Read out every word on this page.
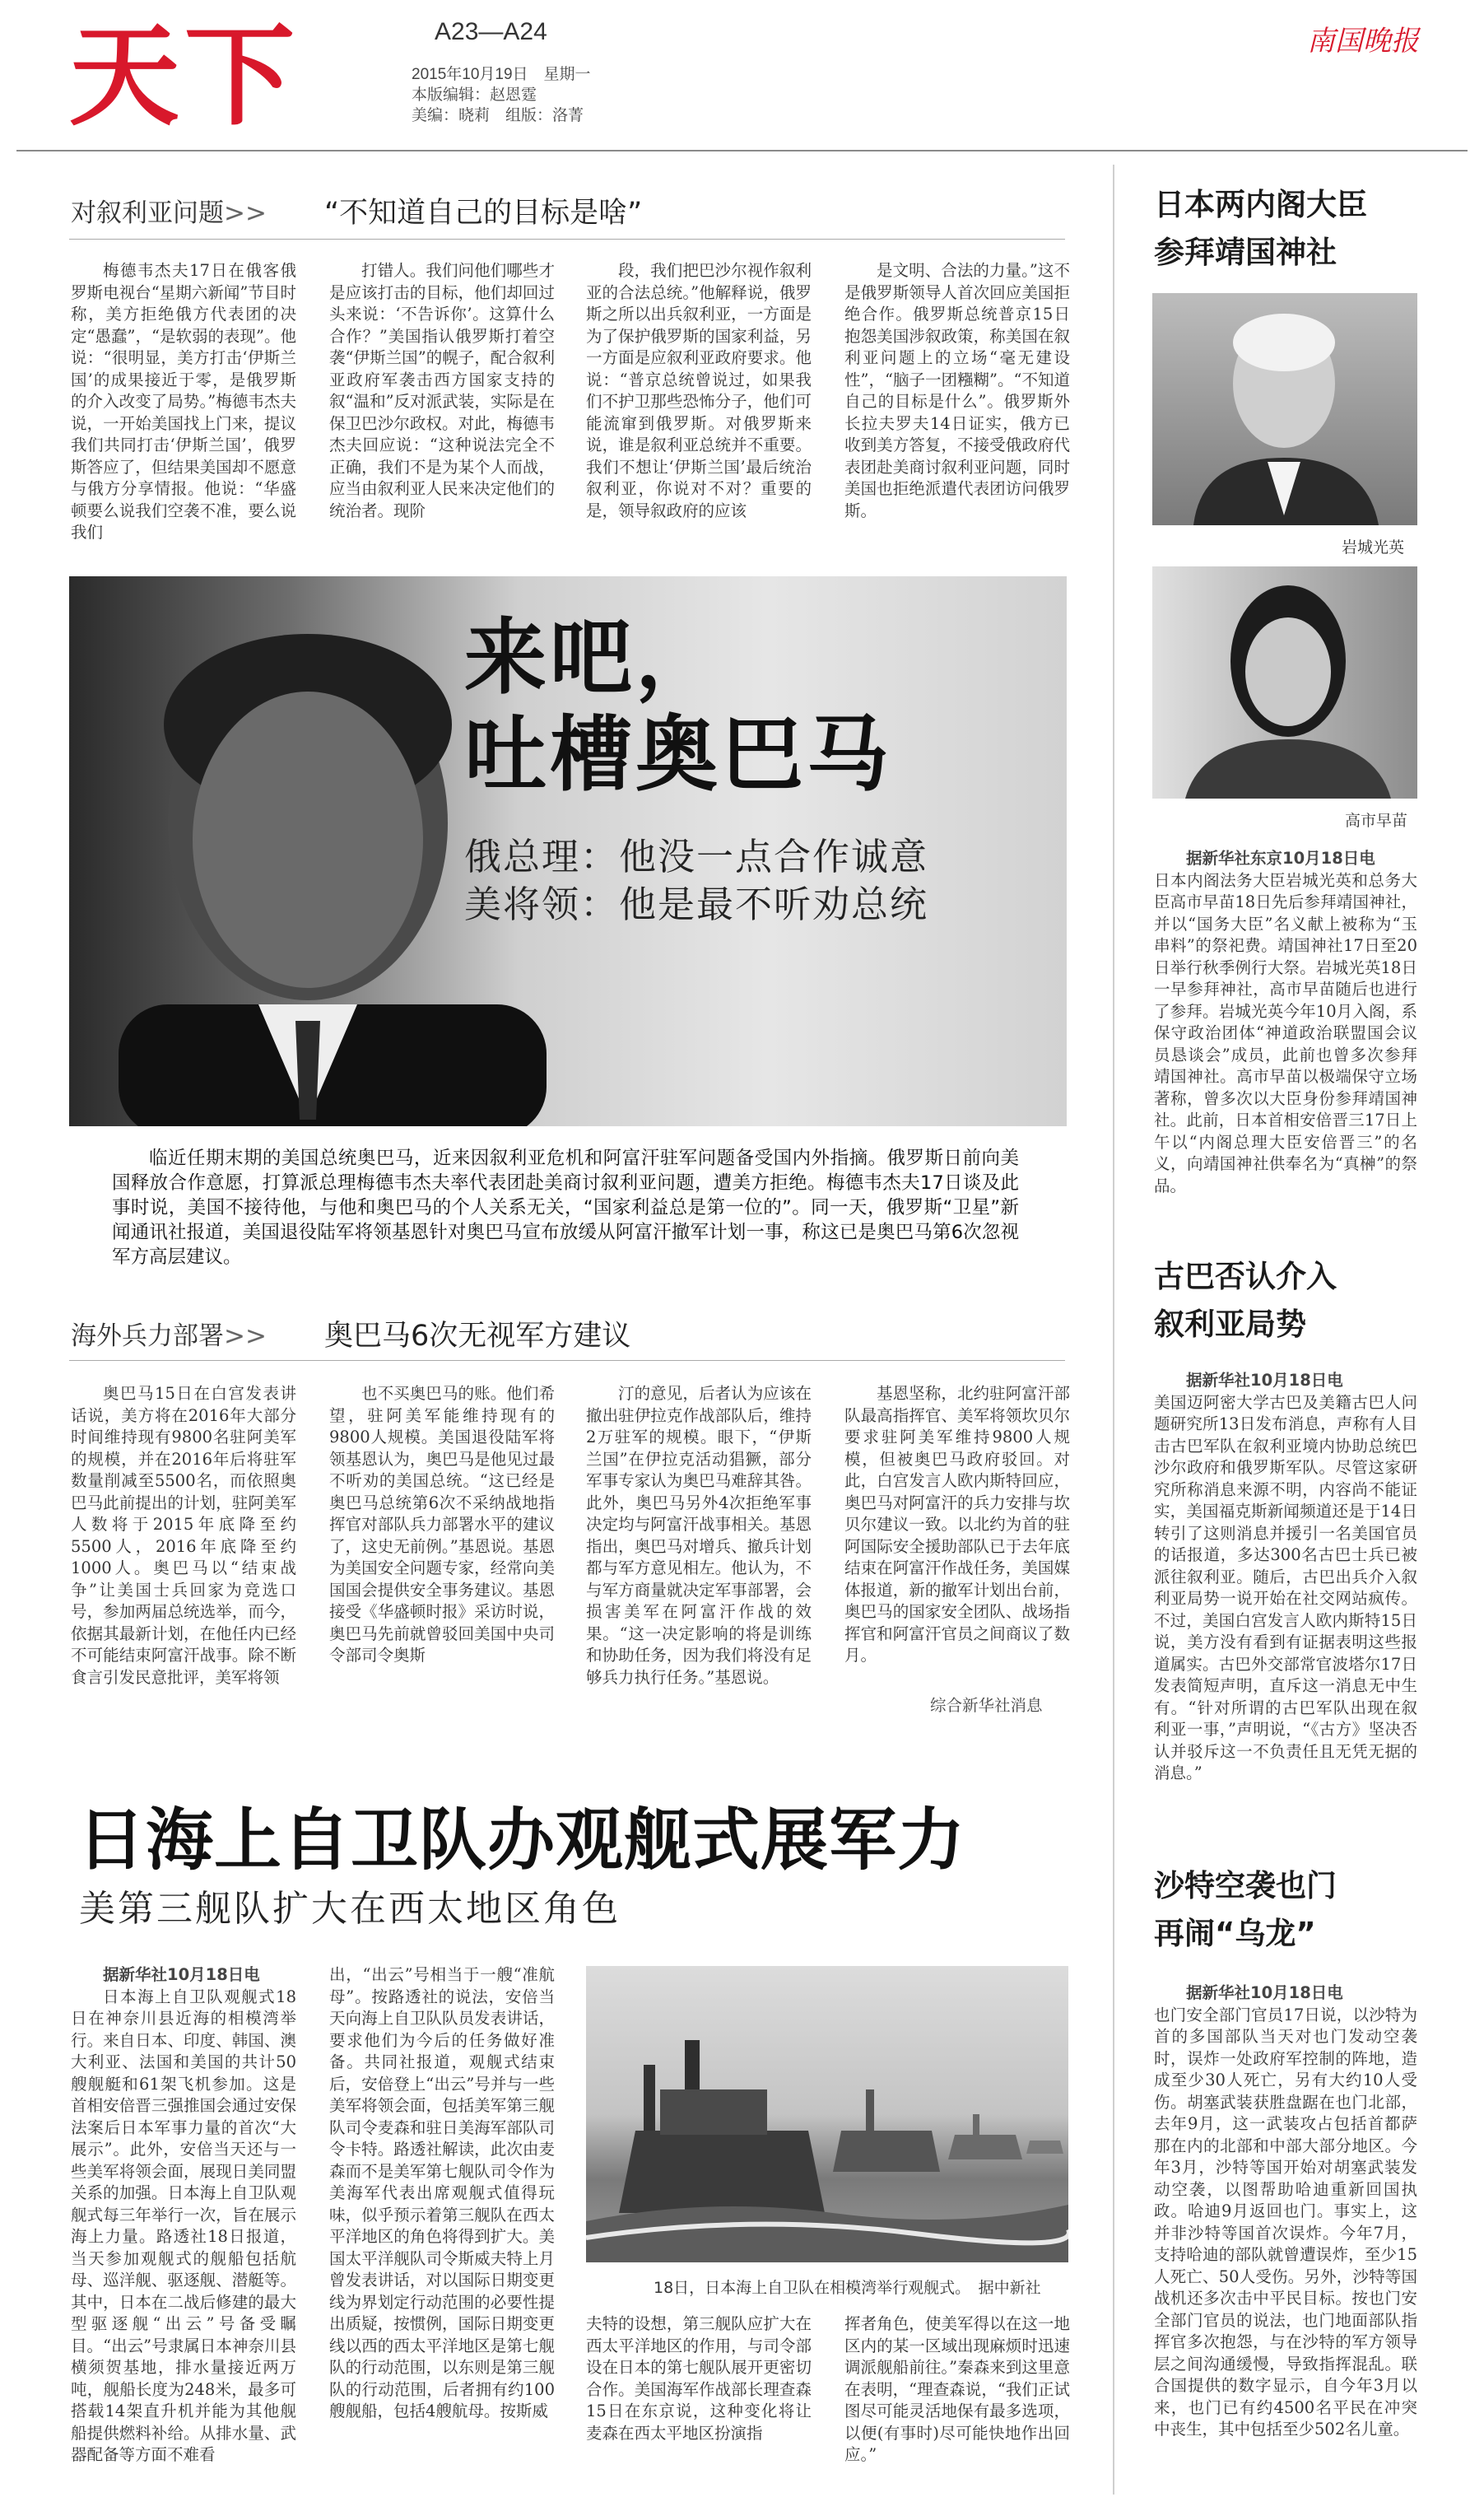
天下	A23—A24
2015年10月19日　星期一
本版编辑：赵恩霆
美编：晓莉　组版：洛菁
南国晚报
对叙利亚问题>> “不知道自己的目标是啥”

梅德韦杰夫17日在俄客俄罗斯电视台“星期六新闻”节目时称，美方拒绝俄方代表团的决定“愚蠢”，“是软弱的表现”。他说：“很明显，美方打击‘伊斯兰国’的成果接近于零，是俄罗斯的介入改变了局势。”梅德韦杰夫说，一开始美国找上门来，提议我们共同打击‘伊斯兰国’，俄罗斯答应了，但结果美国却不愿意与俄方分享情报。他说：“华盛顿要么说我们空袭不准，要么说我们

打错人。我们问他们哪些才是应该打击的目标，他们却回过头来说：‘不告诉你’。这算什么合作？”美国指认俄罗斯打着空袭“伊斯兰国”的幌子，配合叙利亚政府军袭击西方国家支持的叙“温和”反对派武装，实际是在保卫巴沙尔政权。对此，梅德韦杰夫回应说：“这种说法完全不正确，我们不是为某个人而战，应当由叙利亚人民来决定他们的统治者。现阶

段，我们把巴沙尔视作叙利亚的合法总统。”他解释说，俄罗斯之所以出兵叙利亚，一方面是为了保护俄罗斯的国家利益，另一方面是应叙利亚政府要求。他说：“普京总统曾说过，如果我们不护卫那些恐怖分子，他们可能流窜到俄罗斯。对俄罗斯来说，谁是叙利亚总统并不重要。我们不想让‘伊斯兰国’最后统治叙利亚，你说对不对？重要的是，领导叙政府的应该

是文明、合法的力量。”这不是俄罗斯领导人首次回应美国拒绝合作。俄罗斯总统普京15日抱怨美国涉叙政策，称美国在叙利亚问题上的立场“毫无建设性”，“脑子一团糨糊”。“不知道自己的目标是什么”。俄罗斯外长拉夫罗夫14日证实，俄方已收到美方答复，不接受俄政府代表团赴美商讨叙利亚问题，同时美国也拒绝派遣代表团访问俄罗斯。

来吧，
吐槽奥巴马
俄总理：他没一点合作诚意
美将领：他是最不听劝总统

临近任期末期的美国总统奥巴马，近来因叙利亚危机和阿富汗驻军问题备受国内外指摘。俄罗斯日前向美国释放合作意愿，打算派总理梅德韦杰夫率代表团赴美商讨叙利亚问题，遭美方拒绝。梅德韦杰夫17日谈及此事时说，美国不接待他，与他和奥巴马的个人关系无关，“国家利益总是第一位的”。同一天，俄罗斯“卫星”新闻通讯社报道，美国退役陆军将领基恩针对奥巴马宣布放缓从阿富汗撤军计划一事，称这已是奥巴马第6次忽视军方高层建议。

海外兵力部署>> 奥巴马6次无视军方建议

奥巴马15日在白宫发表讲话说，美方将在2016年大部分时间维持现有9800名驻阿美军的规模，并在2016年后将驻军数量削减至5500名，而依照奥巴马此前提出的计划，驻阿美军人数将于2015年底降至约5500人，2016年底降至约1000人。奥巴马以“结束战争”让美国士兵回家为竞选口号，参加两届总统选举，而今，依据其最新计划，在他任内已经不可能结束阿富汗战事。除不断食言引发民意批评，美军将领

也不买奥巴马的账。他们希望，驻阿美军能维持现有的9800人规模。美国退役陆军将领基恩认为，奥巴马是他见过最不听劝的美国总统。“这已经是奥巴马总统第6次不采纳战地指挥官对部队兵力部署水平的建议了，这史无前例。”基恩说。基恩为美国安全问题专家，经常向美国国会提供安全事务建议。基恩接受《华盛顿时报》采访时说，奥巴马先前就曾驳回美国中央司令部司令奥斯

汀的意见，后者认为应该在撤出驻伊拉克作战部队后，维持2万驻军的规模。眼下，“伊斯兰国”在伊拉克活动猖獗，部分军事专家认为奥巴马难辞其咎。此外，奥巴马另外4次拒绝军事决定均与阿富汗战事相关。基恩指出，奥巴马对增兵、撤兵计划都与军方意见相左。他认为，不与军方商量就决定军事部署，会损害美军在阿富汗作战的效果。“这一决定影响的将是训练和协助任务，因为我们将没有足够兵力执行任务。”基恩说。

基恩坚称，北约驻阿富汗部队最高指挥官、美军将领坎贝尔要求驻阿美军维持9800人规模，但被奥巴马政府驳回。对此，白宫发言人欧内斯特回应，奥巴马对阿富汗的兵力安排与坎贝尔建议一致。以北约为首的驻阿国际安全援助部队已于去年底结束在阿富汗作战任务，美国媒体报道，新的撤军计划出台前，奥巴马的国家安全团队、战场指挥官和阿富汗官员之间商议了数月。

综合新华社消息
日海上自卫队办观舰式展军力
美第三舰队扩大在西太地区角色
据新华社10月18日电

日本海上自卫队观舰式18日在神奈川县近海的相模湾举行。来自日本、印度、韩国、澳大利亚、法国和美国的共计50艘舰艇和61架飞机参加。这是首相安倍晋三强推国会通过安保法案后日本军事力量的首次“大展示”。此外，安倍当天还与一些美军将领会面，展现日美同盟关系的加强。日本海上自卫队观舰式每三年举行一次，旨在展示海上力量。路透社18日报道，当天参加观舰式的舰船包括航母、巡洋舰、驱逐舰、潜艇等。其中，日本在二战后修建的最大型驱逐舰“出云”号备受瞩目。“出云”号隶属日本神奈川县横须贺基地，排水量接近两万吨，舰船长度为248米，最多可搭载14架直升机并能为其他舰船提供燃料补给。从排水量、武器配备等方面不难看

出，“出云”号相当于一艘“准航母”。按路透社的说法，安倍当天向海上自卫队队员发表讲话，要求他们为今后的任务做好准备。共同社报道，观舰式结束后，安倍登上“出云”号并与一些美军将领会面，包括美军第三舰队司令麦森和驻日美海军部队司令卡特。路透社解读，此次由麦森而不是美军第七舰队司令作为美海军代表出席观舰式值得玩味，似乎预示着第三舰队在西太平洋地区的角色将得到扩大。美国太平洋舰队司令斯威夫特上月曾发表讲话，对以国际日期变更线为界划定行动范围的必要性提出质疑，按惯例，国际日期变更线以西的西太平洋地区是第七舰队的行动范围，以东则是第三舰队的行动范围，后者拥有约100艘舰船，包括4艘航母。按斯威

18日，日本海上自卫队在相模湾举行观舰式。　据中新社

夫特的设想，第三舰队应扩大在西太平洋地区的作用，与司令部设在日本的第七舰队展开更密切合作。美国海军作战部长理查森15日在东京说，这种变化将让麦森在西太平地区扮演指

挥者角色，使美军得以在这一地区内的某一区域出现麻烦时迅速调派舰船前往。”秦森来到这里意在表明，“理查森说，“我们正试图尽可能灵活地保有最多选项，以便(有事时)尽可能快地作出回应。”

日本两内阁大臣
参拜靖国神社
岩城光英
高市早苗
据新华社东京10月18日电

日本内阁法务大臣岩城光英和总务大臣高市早苗18日先后参拜靖国神社，并以“国务大臣”名义献上被称为“玉串料”的祭祀费。靖国神社17日至20日举行秋季例行大祭。岩城光英18日一早参拜神社，高市早苗随后也进行了参拜。岩城光英今年10月入阁，系保守政治团体“神道政治联盟国会议员恳谈会”成员，此前也曾多次参拜靖国神社。高市早苗以极端保守立场著称，曾多次以大臣身份参拜靖国神社。此前，日本首相安倍晋三17日上午以“内阁总理大臣安倍晋三”的名义，向靖国神社供奉名为“真榊”的祭品。

古巴否认介入
叙利亚局势
据新华社10月18日电

美国迈阿密大学古巴及美籍古巴人问题研究所13日发布消息，声称有人目击古巴军队在叙利亚境内协助总统巴沙尔政府和俄罗斯军队。尽管这家研究所称消息来源不明，内容尚不能证实，美国福克斯新闻频道还是于14日转引了这则消息并援引一名美国官员的话报道，多达300名古巴士兵已被派往叙利亚。随后，古巴出兵介入叙利亚局势一说开始在社交网站疯传。不过，美国白宫发言人欧内斯特15日说，美方没有看到有证据表明这些报道属实。古巴外交部常官波塔尔17日发表简短声明，直斥这一消息无中生有。“针对所谓的古巴军队出现在叙利亚一事，”声明说，“《古方》坚决否认并驳斥这一不负责任且无凭无据的消息。”

沙特空袭也门
再闹“乌龙”
据新华社10月18日电

也门安全部门官员17日说，以沙特为首的多国部队当天对也门发动空袭时，误炸一处政府军控制的阵地，造成至少30人死亡，另有大约10人受伤。胡塞武装获胜盘踞在也门北部，去年9月，这一武装攻占包括首都萨那在内的北部和中部大部分地区。今年3月，沙特等国开始对胡塞武装发动空袭，以图帮助哈迪重新回国执政。哈迪9月返回也门。事实上，这并非沙特等国首次误炸。今年7月，支持哈迪的部队就曾遭误炸，至少15人死亡、50人受伤。另外，沙特等国战机还多次击中平民目标。按也门安全部门官员的说法，也门地面部队指挥官多次抱怨，与在沙特的军方领导层之间沟通缓慢，导致指挥混乱。联合国提供的数字显示，自今年3月以来，也门已有约4500名平民在冲突中丧生，其中包括至少502名儿童。
